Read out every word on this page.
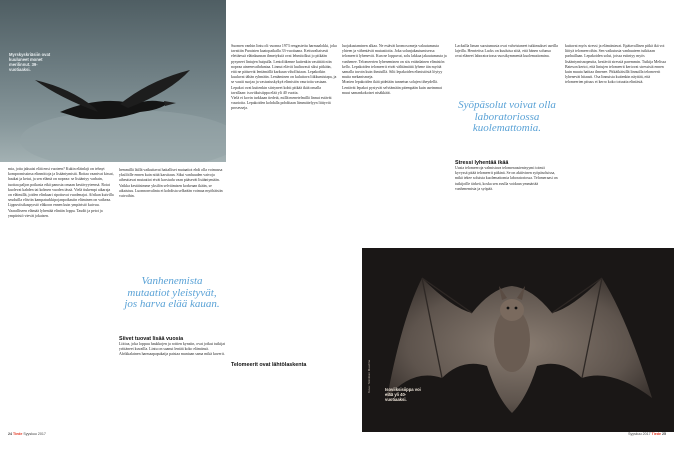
Myrskyskriäsiin ovat kuuluneet monet merilinnut. 39-vuotiaaksi.

mia, jotta jaksaisi elää ensi vuoteen? Kukin eläinlaji on tehnyt kompromissinsa elinmittoja ja lisääntymistä. Rottaa vaanivat kissat, haukat ja ketut, ja sen elämä on nopeaa: se lisääntyy varhain, tuottaa paljon poikasia eikä panosta omaan kestävyyteensä. Rotat kuolevat kahden tai kolmen vuoden iässä. Vielä tiukempi aikaraja on eläimillä, joiden elinkaari ripottuvat vuodenajat. Afrikan kuivilla seuduilla eläviin kampaturkkipojanpoikasiin eläminen on vaikeaa. Lippuviisikaspyrstö eläkoon ennen kuin ympäristö kuivuu. Vaaralliseen elämää lyhentää eliniän loppu. Taudit ja petot ja ympäristö vievät jokaisen.

hemmillä läillä vaikuttavat haitalliset mutaatiot ehdi olla voimassa yksilöille ennen kuin niitä karsitaan. Siksi vanhuuden vaivoja aiheuttavat mutaatiot eivät karsiudu vaan pääsevät lisääntymään. Vaikka kestäisimme yksilön selviämisen korkeaan ikään, se aikaistuu. Luonnonvalinta ei kohdista selkeään voimaa myöhäisiin vaivoihin.

Vanhenemista mutaatiot yleistyvät, jos harva elää kauan.

Siivet tuovat lisää vuosia

Liittoa, joka loppuu haukkojen ja rottien kynsiin, ovat jotkut tutkijat yrittäneet kuvailla. Lintu on saanut lentää koko elämänsä. Afrikkalainen harmaapapukaija paistaa muniaan sama mikä kaverit.

Suomen vanhin lintu oli vuonna 1973 rengastettu harmaalokki, joka tavattiin Paraisten kaatopaikalla 33-vuotiaana. Kettuvaltaisesti elettäessä eläinkunnan ihmetyksiä ovat lehmitolkut jo pitkään pysyneet lintujen huipulla. Lentoliikenne kuitenkin vastittää niin nopeaa aineenvaihduntaa. Linnut elävät luultavasti siksi pitkään, että ne pääsevät lentämällä karkuun vihollisiaan. Lepakotkin kuuluvat tähän ryhmään. Lentäminen on kuluttava liikkumistapa, ja se vaatii suojaa ja vastustuskykyä elimistön vaurioita vastaan. Lepakot ovat kuitenkin siirtyneet kohti pitkää ikää omalla tavallaan: isoviiksisiippa elää yli 40 vuotta.

Vielä ei kovin tarkkaan tiedetä, millä menetelmillä linnut estävät vaurioita. Lepakoiden kohdalla pohditaan lämmittelyyn liittyviä prosesseja.

Telomeerit ovat lähtölaskenta

luojakustaminen alkaa. Ne estävät kromosomeja valautumasta yhteen ja vähentävät mutaatioita. Joka solunjakautumisessa telomeerit lyhenevät. Kun ne loppuvat, solu lakkaa jakautumasta ja vanhenee. Telomeerien lyheneminen on siis eräänlainen elimistön kello. Lepakoiden telomeerit eivät välttämättä lyhene iän myötä samalla tavoin kuin ihmisillä. Silti lepakoiden elimistöstä löytyy muita mekanismeja.

Monien lepakoiden ikää pidetään tunnetun solujen tiheydellä. Lentävät lepakot pystyvät selviämään pitempään kuin useimmat muut samankokoiset nisäkkäät.

Lacksilla liman suostumusta ovat vahvistaneet tutkimukset useilla lajeilla. Henriettsa Lacks on kuuluisa siitä, että hänen solunsa ovat eläneet laboratoriossa vuosikymmeniä kuolemattomina.

Syöpäsolut voivat olla laboratoriossa kuolemattomia.

Stressi lyhentää ikää

Uusia telomeeroja valmistava telomeraasientsyymi toimii kyvyssä pitää telomeerit pitkinä. Se on aktiivinen syöpäsoluissa, mikä tekee soluista kuolemattomia laboratoriossa. Telomeraasi on tutkijoille tärkeä, koska sen avulla voidaan ymmärtää vanhenemista ja syöpää.

kuttavat myös stressi ja elämäntavat. Epätavallisen pitkä ikä voi liittyä telomeeroihin. Sen vaikutusta vanhuuteen tutkitaan parhaillaan. Lepakoiden solut, joissa esiintyy myös lisääntymisnopeutta, kestävät stressiä paremmin. Tutkija Melissa Bateson kertoi, että lintujen telomeerit kertovat stressistä ennen kuin muuta haittaa ilmenee. Pitkäikäisillä linnuilla telomeerit lyhenevät hitaasti. Osa linnuista kuitenkin näyttää, että telomeerien pituus ei kerro koko totuutta eliniästä.

Isoviiksisiippa voi elää yli 40-vuotiaaksi.
Kuva: Tekniikan Maailma
24 Tiede Syyskuu 2017	Syyskuu 2017 Tiede 25
